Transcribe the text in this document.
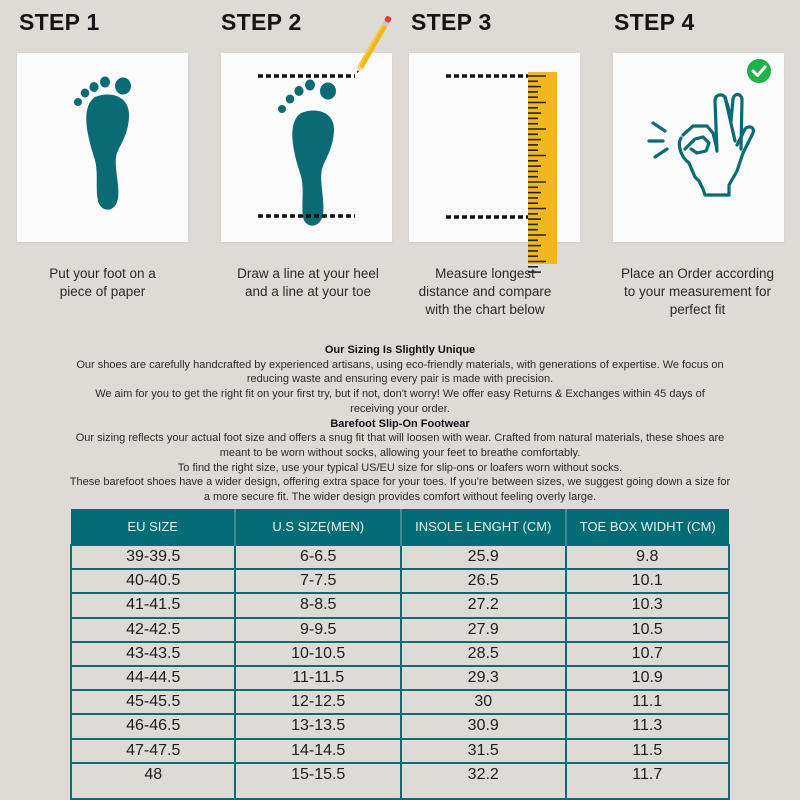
STEP 1	STEP 2	STEP 3	STEP 4
Put your foot on a
piece of paper
Draw a line at your heel
and a line at your toe
Measure longest
distance and compare
with the chart below
Place an Order according
to your measurement for
perfect fit
Our Sizing Is Slightly Unique
Our shoes are carefully handcrafted by experienced artisans, using eco-friendly materials, with generations of expertise. We focus on
reducing waste and ensuring every pair is made with precision.
We aim for you to get the right fit on your first try, but if not, don't worry! We offer easy Returns & Exchanges within 45 days of
receiving your order.
Barefoot Slip-On Footwear
Our sizing reflects your actual foot size and offers a snug fit that will loosen with wear. Crafted from natural materials, these shoes are
meant to be worn without socks, allowing your feet to breathe comfortably.
To find the right size, use your typical US/EU size for slip-ons or loafers worn without socks.
These barefoot shoes have a wider design, offering extra space for your toes. If you're between sizes, we suggest going down a size for
a more secure fit. The wider design provides comfort without feeling overly large.
EU SIZE	U.S SIZE(MEN)	INSOLE LENGHT (CM)	TOE BOX WIDHT (CM)
39-39.5	6-6.5	25.9	9.8
40-40.5	7-7.5	26.5	10.1
41-41.5	8-8.5	27.2	10.3
42-42.5	9-9.5	27.9	10.5
43-43.5	10-10.5	28.5	10.7
44-44.5	11-11.5	29.3	10.9
45-45.5	12-12.5	30	11.1
46-46.5	13-13.5	30.9	11.3
47-47.5	14-14.5	31.5	11.5
48	15-15.5	32.2	11.7
